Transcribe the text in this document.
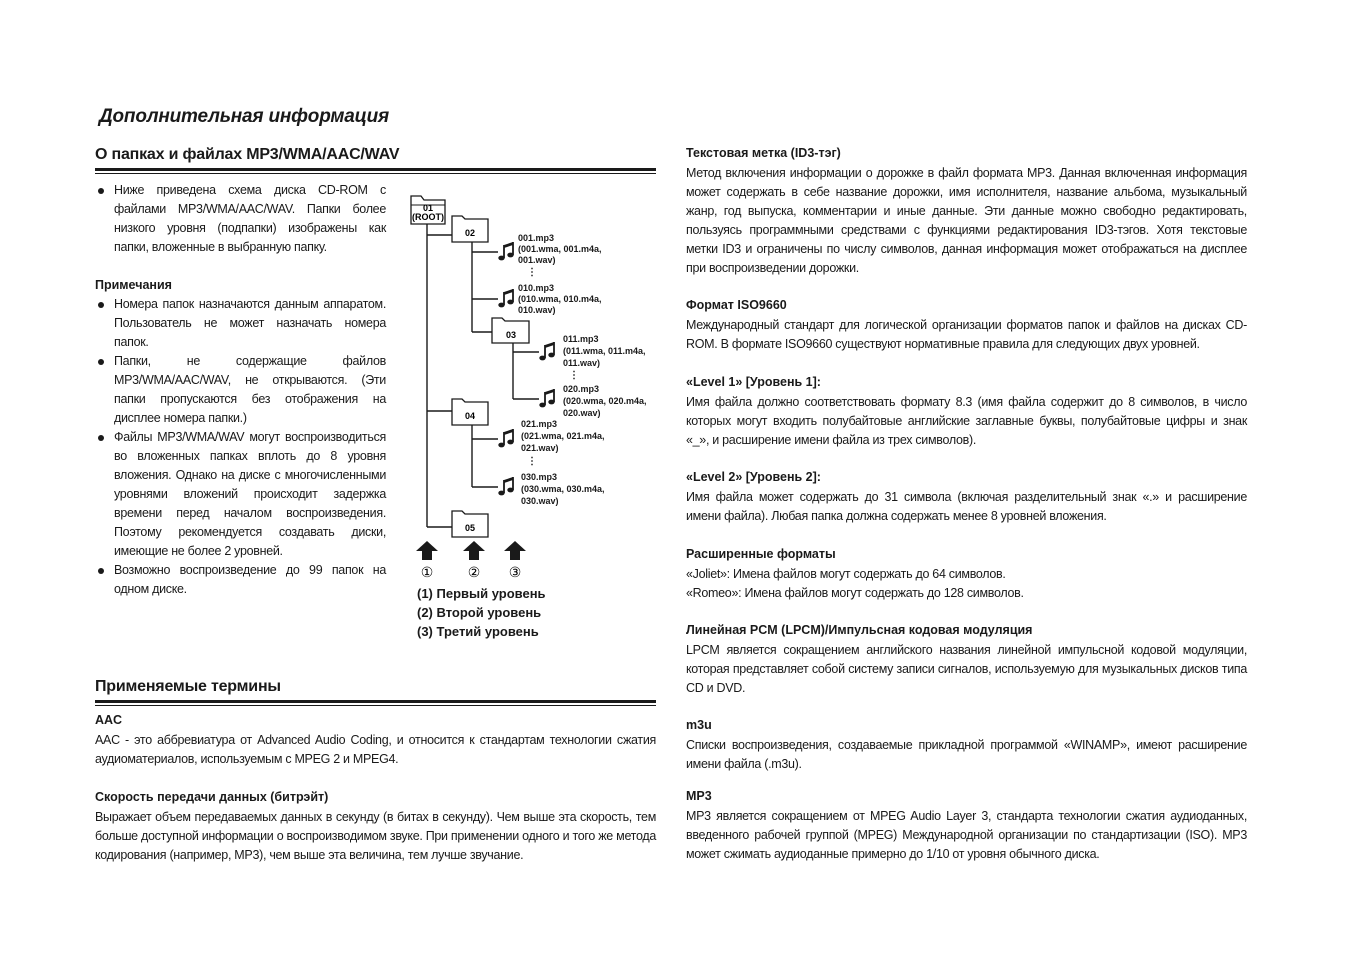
Дополнительная информация
О папках и файлах MP3/WMA/AAC/WAV
Ниже приведена схема диска CD-ROM с файлами MP3/WMA/AAC/WAV. Папки более низкого уровня (подпапки) изображены как папки, вложенные в выбранную папку.

Примечания

Номера папок назначаются данным аппаратом. Пользователь не может назначать номера папок.
Папки, не содержащие файлов MP3/WMA/AAC/WAV, не открываются. (Эти папки пропускаются без отображения на дисплее номера папки.)
Файлы MP3/WMA/WAV могут воспроизводиться во вложенных папках вплоть до 8 уровня вложения. Однако на диске с многочисленными уровнями вложений происходит задержка времени перед началом воспроизведения. Поэтому рекомендуется создавать диски, имеющие не более 2 уровней.
Возможно воспроизведение до 99 папок на одном диске.
01
(ROOT)
02
03
04
05
001.mp3
(001.wma, 001.m4a,
001.wav)
⋮
010.mp3
(010.wma, 010.m4a,
010.wav)
011.mp3
(011.wma, 011.m4a,
011.wav)
⋮
020.mp3
(020.wma, 020.m4a,
020.wav)
021.mp3
(021.wma, 021.m4a,
021.wav)
⋮
030.mp3
(030.wma, 030.m4a,
030.wav)
① ② ③
(1) Первый уровень
(2) Второй уровень
(3) Третий уровень
Применяемые термины
AAC

AAC - это аббревиатура от Advanced Audio Coding, и относится к стандартам технологии сжатия аудиоматериалов, используемым с MPEG 2 и MPEG4.

Скорость передачи данных (битрэйт)

Выражает объем передаваемых данных в секунду (в битах в секунду). Чем выше эта скорость, тем больше доступной информации о воспроизводимом звуке. При применении одного и того же метода кодирования (например, MP3), чем выше эта величина, тем лучше звучание.

Текстовая метка (ID3-тэг)

Метод включения информации о дорожке в файл формата MP3. Данная включенная информация может содержать в себе название дорожки, имя исполнителя, название альбома, музыкальный жанр, год выпуска, комментарии и иные данные. Эти данные можно свободно редактировать, пользуясь программными средствами с функциями редактирования ID3-тэгов. Хотя текстовые метки ID3 и ограничены по числу символов, данная информация может отображаться на дисплее при воспроизведении дорожки.

Формат ISO9660

Международный стандарт для логической организации форматов папок и файлов на дисках CD-ROM. В формате ISO9660 существуют нормативные правила для следующих двух уровней.

«Level 1» [Уровень 1]:

Имя файла должно соответствовать формату 8.3 (имя файла содержит до 8 символов, в число которых могут входить полубайтовые английские заглавные буквы, полубайтовые цифры и знак «_», и расширение имени файла из трех символов).

«Level 2» [Уровень 2]:

Имя файла может содержать до 31 символа (включая разделительный знак «.» и расширение имени файла). Любая папка должна содержать менее 8 уровней вложения.

Расширенные форматы

«Joliet»: Имена файлов могут содержать до 64 символов.

«Romeo»: Имена файлов могут содержать до 128 символов.

Линейная PCM (LPCM)/Импульсная кодовая модуляция

LPCM является сокращением английского названия линейной импульсной кодовой модуляции, которая представляет собой систему записи сигналов, используемую для музыкальных дисков типа CD и DVD.

m3u

Списки воспроизведения, создаваемые прикладной программой «WINAMP», имеют расширение имени файла (.m3u).

MP3

MP3 является сокращением от MPEG Audio Layer 3, стандарта технологии сжатия аудиоданных, введенного рабочей группой (MPEG) Международной организации по стандартизации (ISO). MP3 может сжимать аудиоданные примерно до 1/10 от уровня обычного диска.
